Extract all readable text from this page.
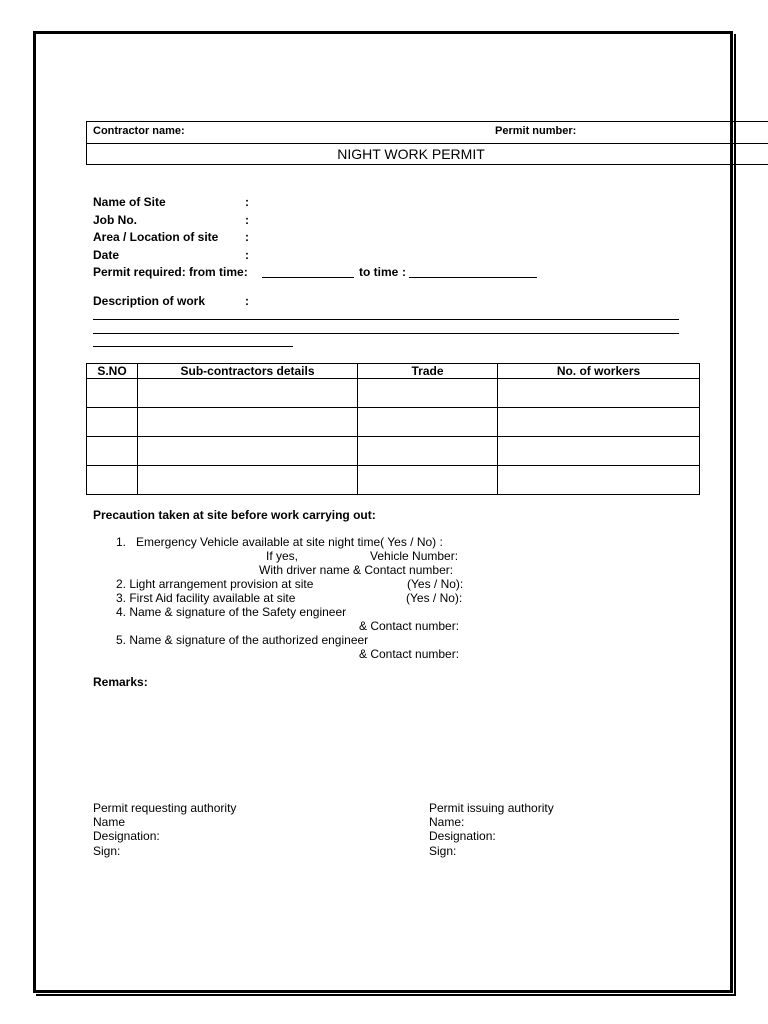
Contractor name:	Permit number:
NIGHT WORK PERMIT
Name of Site	:
Job No.	:
Area / Location of site :
Date	:
Permit required: from time:	to time :
Description of work	:
S.NO	Sub-contractors details	Trade	No. of workers

Precaution taken at site before work carrying out:
1.   Emergency Vehicle available at site night time( Yes / No) :
If yes,	Vehicle Number:
With driver name & Contact number:
2. Light arrangement provision at site	(Yes / No):
3. First Aid facility available at site	(Yes / No):
4. Name & signature of the Safety engineer
& Contact number:
5. Name & signature of the authorized engineer
& Contact number:
Remarks:
Permit requesting authority
Name
Designation:
Sign:
Permit issuing authority
Name:
Designation:
Sign:
